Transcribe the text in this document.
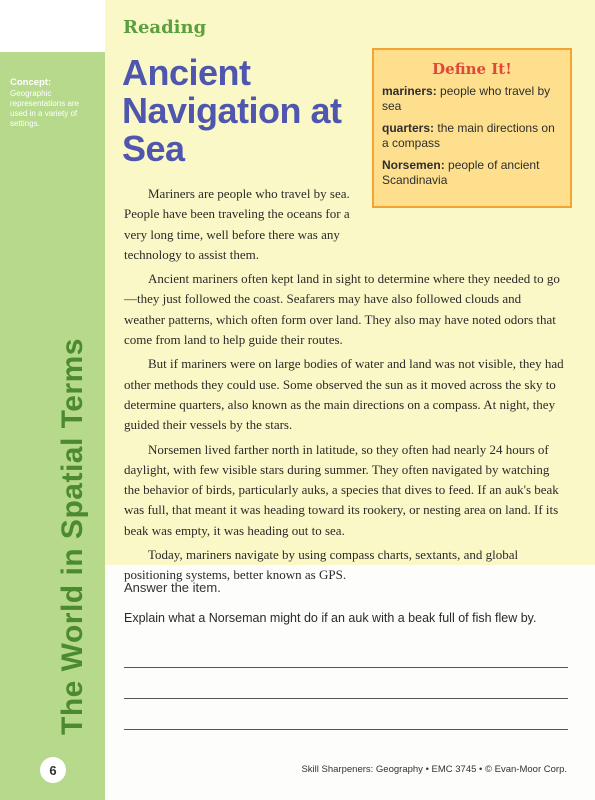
Concept:
Geographic representations are used in a variety of settings.
The World in Spatial Terms
6
Reading
Ancient Navigation at Sea
Define It!
mariners: people who travel by sea
quarters: the main directions on a compass
Norsemen: people of ancient Scandinavia

Mariners are people who travel by sea. People have been traveling the oceans for a very long time, well before there was any technology to assist them.

Ancient mariners often kept land in sight to determine where they needed to go—they just followed the coast. Seafarers may have also followed clouds and weather patterns, which often form over land. They also may have noted odors that come from land to help guide their routes.

But if mariners were on large bodies of water and land was not visible, they had other methods they could use. Some observed the sun as it moved across the sky to determine quarters, also known as the main directions on a compass. At night, they guided their vessels by the stars.

Norsemen lived farther north in latitude, so they often had nearly 24 hours of daylight, with few visible stars during summer. They often navigated by watching the behavior of birds, particularly auks, a species that dives to feed. If an auk's beak was full, that meant it was heading toward its rookery, or nesting area on land. If its beak was empty, it was heading out to sea.

Today, mariners navigate by using compass charts, sextants, and global positioning systems, better known as GPS.

Answer the item.
Explain what a Norseman might do if an auk with a beak full of fish flew by.
Skill Sharpeners: Geography • EMC 3745 • © Evan-Moor Corp.
